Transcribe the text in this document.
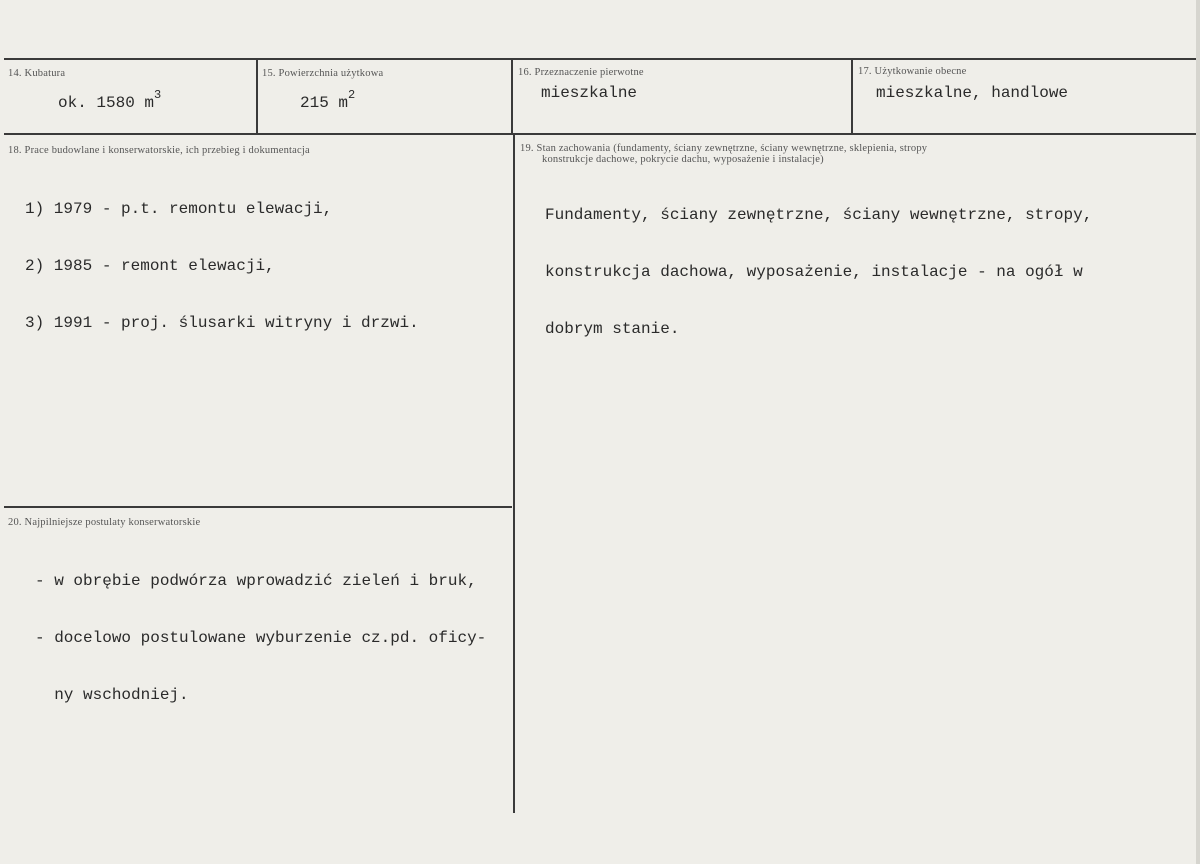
14. Kubatura
ok. 1580 $m^3$
15. Powierzchnia użytkowa
215 $m^2$
16. Przeznaczenie pierwotne
mieszkalne
17. Użytkowanie obecne
mieszkalne, handlowe
18. Prace budowlane i konserwatorskie, ich przebieg i dokumentacja

1) 1979 - p.t. remontu elewacji,

2) 1985 - remont elewacji,

3) 1991 - proj. ślusarki witryny i drzwi.

19. Stan zachowania (fundamenty, ściany zewnętrzne, ściany wewnętrzne, sklepienia, stropy
konstrukcje dachowe, pokrycie dachu, wyposażenie i instalacje)

Fundamenty, ściany zewnętrzne, ściany wewnętrzne, stropy,

konstrukcja dachowa, wyposażenie, instalacje - na ogół w

dobrym stanie.

20. Najpilniejsze postulaty konserwatorskie

- w obrębie podwórza wprowadzić zieleń i bruk,

- docelowo postulowane wyburzenie cz.pd. oficy-

ny wschodniej.
